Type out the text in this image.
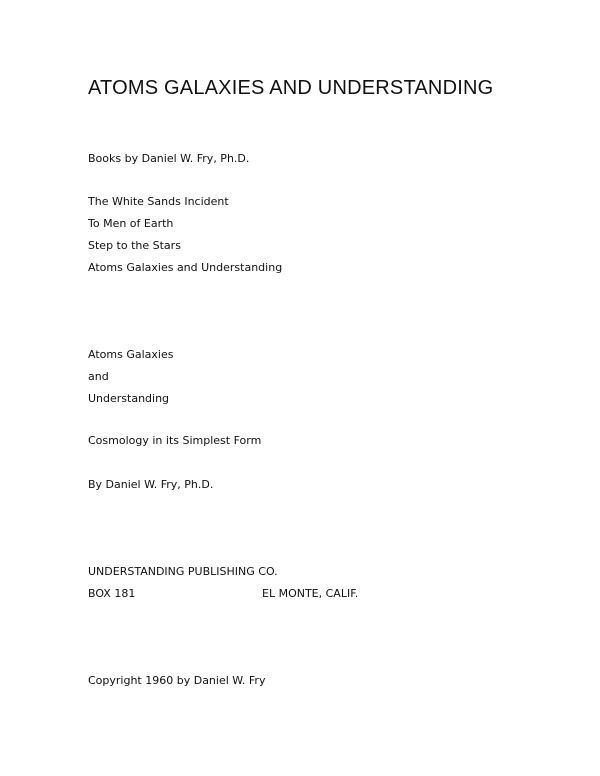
ATOMS GALAXIES AND UNDERSTANDING
Books by Daniel W. Fry, Ph.D.
The White Sands Incident
To Men of Earth
Step to the Stars
Atoms Galaxies and Understanding
Atoms Galaxies
and
Understanding
Cosmology in its Simplest Form
By Daniel W. Fry, Ph.D.
UNDERSTANDING PUBLISHING CO.
BOX 181	EL MONTE, CALIF.
Copyright 1960 by Daniel W. Fry
